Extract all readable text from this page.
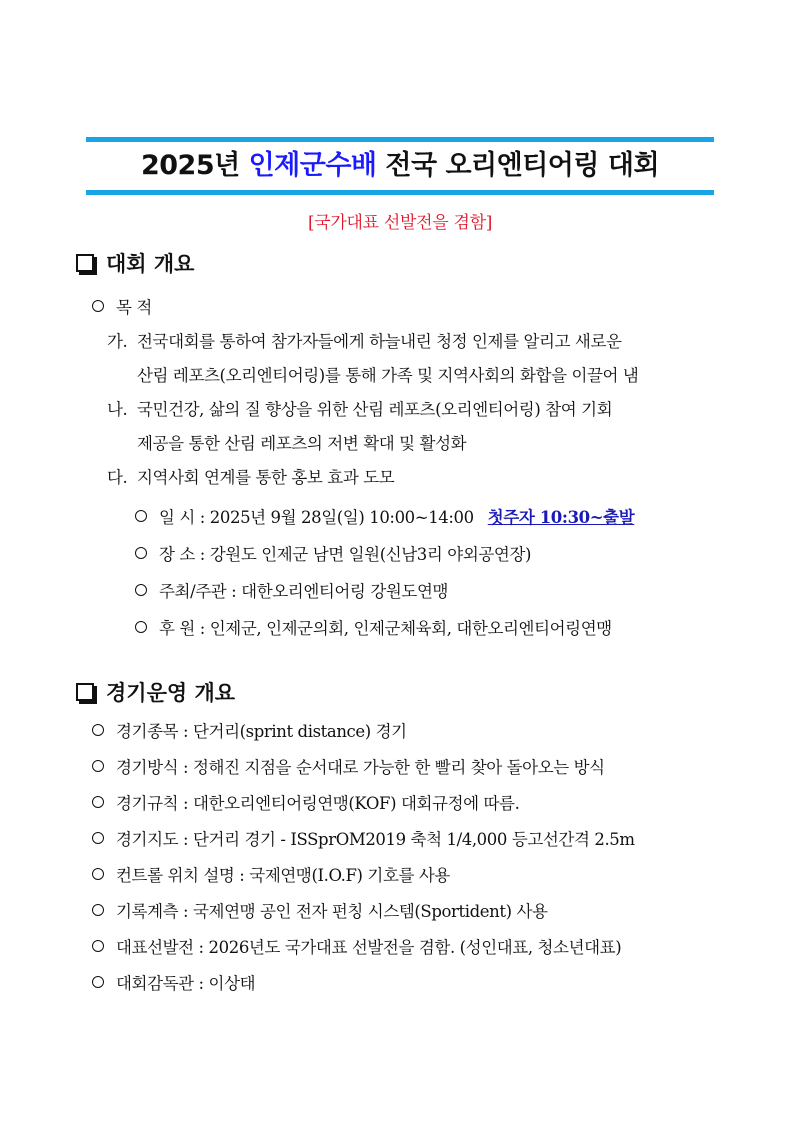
2025년 인제군수배 전국 오리엔티어링 대회
[국가대표 선발전을 겸함]
대회 개요
목 적
가. 전국대회를 통하여 참가자들에게 하늘내린 청정 인제를 알리고 새로운
산림 레포츠(오리엔티어링)를 통해 가족 및 지역사회의 화합을 이끌어 냄
나. 국민건강, 삶의 질 향상을 위한 산림 레포츠(오리엔티어링) 참여 기회
제공을 통한 산림 레포츠의 저변 확대 및 활성화
다. 지역사회 연계를 통한 홍보 효과 도모
일 시 : 2025년 9월 28일(일) 10:00~14:00 첫주자 10:30~출발
장 소 : 강원도 인제군 남면 일원(신남3리 야외공연장)
주최/주관 : 대한오리엔티어링 강원도연맹
후 원 : 인제군, 인제군의회, 인제군체육회, 대한오리엔티어링연맹
경기운영 개요
경기종목 : 단거리(sprint distance) 경기
경기방식 : 정해진 지점을 순서대로 가능한 한 빨리 찾아 돌아오는 방식
경기규칙 : 대한오리엔티어링연맹(KOF) 대회규정에 따름.
경기지도 : 단거리 경기 - ISSprOM2019 축척 1/4,000 등고선간격 2.5m
컨트롤 위치 설명 : 국제연맹(I.O.F) 기호를 사용
기록계측 : 국제연맹 공인 전자 펀칭 시스템(Sportident) 사용
대표선발전 : 2026년도 국가대표 선발전을 겸함. (성인대표, 청소년대표)
대회감독관 : 이상태
